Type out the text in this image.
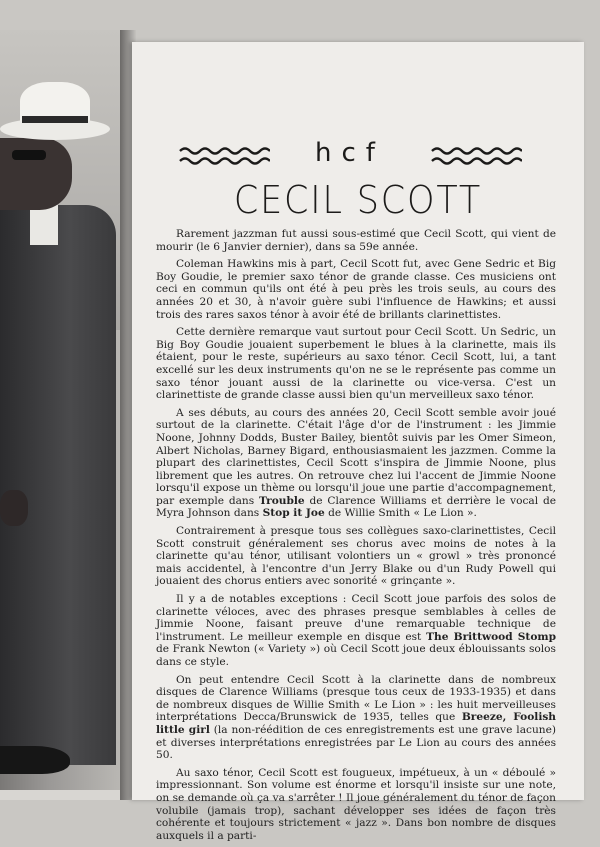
hcf
CECIL SCOTT

Rarement jazzman fut aussi sous-estimé que Cecil Scott, qui vient de mourir (le 6 Janvier dernier), dans sa 59e année.

Coleman Hawkins mis à part, Cecil Scott fut, avec Gene Sedric et Big Boy Goudie, le premier saxo ténor de grande classe. Ces musiciens ont ceci en commun qu'ils ont été à peu près les trois seuls, au cours des années 20 et 30, à n'avoir guère subi l'influence de Hawkins; et aussi trois des rares saxos ténor à avoir été de brillants clarinettistes.

Cette dernière remarque vaut surtout pour Cecil Scott. Un Sedric, un Big Boy Goudie jouaient superbement le blues à la clarinette, mais ils étaient, pour le reste, supérieurs au saxo ténor. Cecil Scott, lui, a tant excellé sur les deux instruments qu'on ne se le représente pas comme un saxo ténor jouant aussi de la clarinette ou vice-versa. C'est un clarinettiste de grande classe aussi bien qu'un merveilleux saxo ténor.

A ses débuts, au cours des années 20, Cecil Scott semble avoir joué surtout de la clarinette. C'était l'âge d'or de l'instrument : les Jimmie Noone, Johnny Dodds, Buster Bailey, bientôt suivis par les Omer Simeon, Albert Nicholas, Barney Bigard, enthousiasmaient les jazzmen. Comme la plupart des clarinettistes, Cecil Scott s'inspira de Jimmie Noone, plus librement que les autres. On retrouve chez lui l'accent de Jimmie Noone lorsqu'il expose un thème ou lorsqu'il joue une partie d'accompagnement, par exemple dans Trouble de Clarence Williams et derrière le vocal de Myra Johnson dans Stop it Joe de Willie Smith « Le Lion ».

Contrairement à presque tous ses collègues saxo-clarinettistes, Cecil Scott construit généralement ses chorus avec moins de notes à la clarinette qu'au ténor, utilisant volontiers un « growl » très prononcé mais accidentel, à l'encontre d'un Jerry Blake ou d'un Rudy Powell qui jouaient des chorus entiers avec sonorité « grinçante ».

Il y a de notables exceptions : Cecil Scott joue parfois des solos de clarinette véloces, avec des phrases presque semblables à celles de Jimmie Noone, faisant preuve d'une remarquable technique de l'instrument. Le meilleur exemple en disque est The Brittwood Stomp de Frank Newton (« Variety ») où Cecil Scott joue deux éblouissants solos dans ce style.

On peut entendre Cecil Scott à la clarinette dans de nombreux disques de Clarence Williams (presque tous ceux de 1933-1935) et dans de nombreux disques de Willie Smith « Le Lion » : les huit merveilleuses interprétations Decca/Brunswick de 1935, telles que Breeze, Foolish little girl (la non-réédition de ces enregistrements est une grave lacune) et diverses interprétations enregistrées par Le Lion au cours des années 50.

Au saxo ténor, Cecil Scott est fougueux, impétueux, à un « déboulé » impressionnant. Son volume est énorme et lorsqu'il insiste sur une note, on se demande où ça va s'arrêter ! Il joue généralement du ténor de façon volubile (jamais trop), sachant développer ses idées de façon très cohérente et toujours strictement « jazz ». Dans bon nombre de disques auxquels il a parti-
